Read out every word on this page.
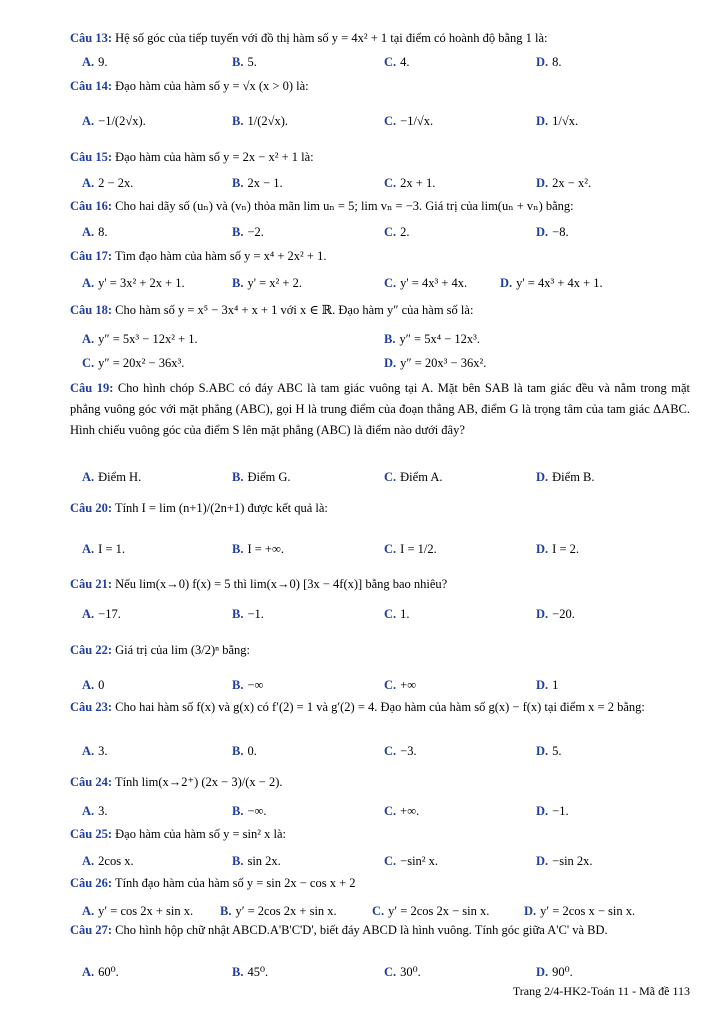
Câu 13: Hệ số góc của tiếp tuyến với đồ thị hàm số y = 4x² + 1 tại điểm có hoành độ bằng 1 là:
A. 9.	B. 5.	C. 4.	D. 8.
Câu 14: Đạo hàm của hàm số y = √x (x > 0) là:
A. −1/(2√x).	B. 1/(2√x).	C. −1/√x.	D. 1/√x.
Câu 15: Đạo hàm của hàm số y = 2x − x² + 1 là:
A. 2 − 2x.	B. 2x − 1.	C. 2x + 1.	D. 2x − x².
Câu 16: Cho hai dãy số (uₙ) và (vₙ) thỏa mãn lim uₙ = 5; lim vₙ = −3. Giá trị của lim(uₙ + vₙ) bằng:
A. 8.	B. −2.	C. 2.	D. −8.
Câu 17: Tìm đạo hàm của hàm số y = x⁴ + 2x² + 1.
A. y' = 3x² + 2x + 1.	B. y' = x² + 2.	C. y' = 4x³ + 4x.	D. y' = 4x³ + 4x + 1.
Câu 18: Cho hàm số y = x⁵ − 3x⁴ + x + 1 với x ∈ ℝ. Đạo hàm y″ của hàm số là:
A. y″ = 5x³ − 12x² + 1.	B. y″ = 5x⁴ − 12x³.
C. y″ = 20x² − 36x³.	D. y″ = 20x³ − 36x².
Câu 19: Cho hình chóp S.ABC có đáy ABC là tam giác vuông tại A. Mặt bên SAB là tam giác đều và nằm trong mặt phẳng vuông góc với mặt phẳng (ABC), gọi H là trung điểm của đoạn thẳng AB, điểm G là trọng tâm của tam giác ΔABC. Hình chiếu vuông góc của điểm S lên mặt phẳng (ABC) là điểm nào dưới đây?
A. Điểm H.	B. Điểm G.	C. Điểm A.	D. Điểm B.
Câu 20: Tính I = lim (n+1)/(2n+1) được kết quả là:
A. I = 1.	B. I = +∞.	C. I = 1/2.	D. I = 2.
Câu 21: Nếu lim(x→0) f(x) = 5 thì lim(x→0) [3x − 4f(x)] bằng bao nhiêu?
A. −17.	B. −1.	C. 1.	D. −20.
Câu 22: Giá trị của lim (3/2)ⁿ bằng:
A. 0	B. −∞	C. +∞	D. 1
Câu 23: Cho hai hàm số f(x) và g(x) có f′(2) = 1 và g′(2) = 4. Đạo hàm của hàm số g(x) − f(x) tại điểm x = 2 bằng:
A. 3.	B. 0.	C. −3.	D. 5.
Câu 24: Tính lim(x→2⁺) (2x − 3)/(x − 2).
A. 3.	B. −∞.	C. +∞.	D. −1.
Câu 25: Đạo hàm của hàm số y = sin² x là:
A. 2cos x.	B. sin 2x.	C. −sin² x.	D. −sin 2x.
Câu 26: Tính đạo hàm của hàm số y = sin 2x − cos x + 2
A. y′ = cos 2x + sin x. B. y′ = 2cos 2x + sin x.	C. y′ = 2cos 2x − sin x.	D. y′ = 2cos x − sin x.
Câu 27: Cho hình hộp chữ nhật ABCD.A'B'C'D', biết đáy ABCD là hình vuông. Tính góc giữa A'C' và BD.
A. 60⁰.	B. 45⁰.	C. 30⁰.	D. 90⁰.
Trang 2/4-HK2-Toán 11 - Mã đề 113
